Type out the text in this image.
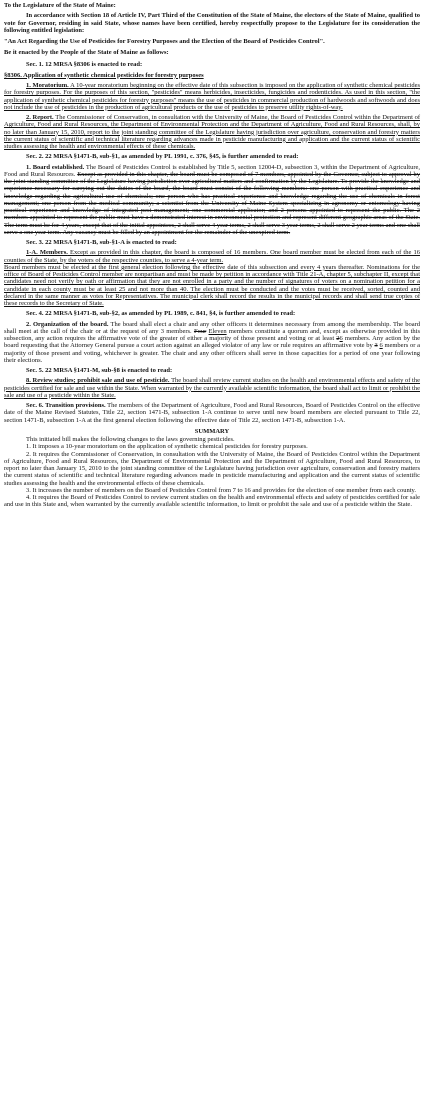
To the Legislature of the State of Maine:

In accordance with Section 18 of Article IV, Part Third of the Constitution of the State of Maine, the electors of the State of Maine, qualified to vote for Governor, residing in said State, whose names have been certified, hereby respectfully propose to the Legislature for its consideration the following entitled legislation:

"An Act Regarding the Use of Pesticides for Forestry Purposes and the Election of the Board of Pesticides Control".

Be it enacted by the People of the State of Maine as follows:

Sec. 1. 12 MRSA §8306 is enacted to read:

§8306. Application of synthetic chemical pesticides for forestry purposes

1. Moratorium. A 10-year moratorium beginning on the effective date of this subsection is imposed on the application of synthetic chemical pesticides for forestry purposes. For the purposes of this section, "pesticides" means herbicides, insecticides, fungicides and rodenticides. As used in this section, "the application of synthetic chemical pesticides for forestry purposes" means the use of pesticides in commercial production of hardwoods and softwoods and does not include the use of pesticides in the production of agricultural products or the use of pesticides to preserve utility rights-of-way.

2. Report. The Commissioner of Conservation, in consultation with the University of Maine, the Board of Pesticides Control within the Department of Agriculture, Food and Rural Resources, the Department of Environmental Protection and the Department of Agriculture, Food and Rural Resources, shall, by no later than January 15, 2010, report to the joint standing committee of the Legislature having jurisdiction over agriculture, conservation and forestry matters the current status of scientific and technical literature regarding advances made in pesticide manufacturing and application and the current status of scientific studies assessing the health and environmental effects of these chemicals.

Sec. 2. 22 MRSA §1471-B, sub-§1, as amended by PL 1991, c. 376, §45, is further amended to read:

1. Board established. The Board of Pesticides Control is established by Title 5, section 12004-D, subsection 3, within the Department of Agriculture, Food and Rural Resources. Except as provided in this chapter, the board must be composed of 7 members, appointed by the Governor, subject to approval by the joint standing committee of the Legislature having jurisdiction over agricultural matters and confirmation by the Legislature. To provide the knowledge and experience necessary for carrying out the duties of the board, the board must consist of the following members: one person with practical experience and knowledge regarding the agricultural use of chemicals; one person who has practical experience and knowledge regarding the use of chemicals in forest management; one person from the medical community; a scientist from the University of Maine System specializing in agronomy or entomology having practical experience and knowledge of integrated pest management; one commercial applicator; and 2 persons appointed to represent the public. The 2 members appointed to represent the public must have a demonstrated interest in environmental protection and represent different geographic areas of the State. The term must be for 4 years, except that of the initial appointees, 2 shall serve 4 year terms, 2 shall serve 3 year terms, 2 shall serve 2 year terms and one shall serve a one year term. Any vacancy must be filled by an appointment for the remainder of the unexpired term.

Sec. 3. 22 MRSA §1471-B, sub-§1-A is enacted to read:

1-A. Members. Except as provided in this chapter, the board is composed of 16 members. One board member must be elected from each of the 16 counties of the State, by the voters of the respective counties, to serve a 4-year term.

Board members must be elected at the first general election following the effective date of this subsection and every 4 years thereafter. Nominations for the office of Board of Pesticides Control member are nonpartisan and must be made by petition in accordance with Title 21-A, chapter 5, subchapter II, except that candidates need not verify by oath or affirmation that they are not enrolled in a party and the number of signatures of voters on a nomination petition for a candidate in each county must be at least 25 and not more than 40. The election must be conducted and the votes must be received, sorted, counted and declared in the same manner as votes for Representatives. The municipal clerk shall record the results in the municipal records and shall send true copies of these records to the Secretary of State.

Sec. 4. 22 MRSA §1471-B, sub-§2, as amended by PL 1989, c. 841, §4, is further amended to read:

2. Organization of the board. The board shall elect a chair and any other officers it determines necessary from among the membership. The board shall meet at the call of the chair or at the request of any 3 members. Four Eleven members constitute a quorum and, except as otherwise provided in this subsection, any action requires the affirmative vote of the greater of either a majority of those present and voting or at least 26 members. Any action by the board requesting that the Attorney General pursue a court action against an alleged violator of any law or rule requires an affirmative vote by 3 6 members or a majority of those present and voting, whichever is greater. The chair and any other officers shall serve in those capacities for a period of one year following their elections.

Sec. 5. 22 MRSA §1471-M, sub-§8 is enacted to read:

8. Review studies; prohibit sale and use of pesticide. The board shall review current studies on the health and environmental effects and safety of the pesticides certified for sale and use within the State. When warranted by the currently available scientific information, the board shall act to limit or prohibit the sale and use of a pesticide within the State.

Sec. 6. Transition provisions. The members of the Department of Agriculture, Food and Rural Resources, Board of Pesticides Control on the effective date of the Maine Revised Statutes, Title 22, section 1471-B, subsection 1-A continue to serve until new board members are elected pursuant to Title 22, section 1471-B, subsection 1-A at the first general election following the effective date of Title 22, section 1471-B, subsection 1-A.

SUMMARY

This initiated bill makes the following changes to the laws governing pesticides.

1. It imposes a 10-year moratorium on the application of synthetic chemical pesticides for forestry purposes.

2. It requires the Commissioner of Conservation, in consultation with the University of Maine, the Board of Pesticides Control within the Department of Agriculture, Food and Rural Resources, the Department of Environmental Protection and the Department of Agriculture, Food and Rural Resources, to report no later than January 15, 2010 to the joint standing committee of the Legislature having jurisdiction over agriculture, conservation and forestry matters the current status of scientific and technical literature regarding advances made in pesticide manufacturing and application and the current status of scientific studies assessing the health and the environmental effects of these chemicals.

3. It increases the number of members on the Board of Pesticides Control from 7 to 16 and provides for the election of one member from each county.

4. It requires the Board of Pesticides Control to review current studies on the health and environmental effects and safety of pesticides certified for sale and use in this State and, when warranted by the currently available scientific information, to limit or prohibit the sale and use of a pesticide within the State.
